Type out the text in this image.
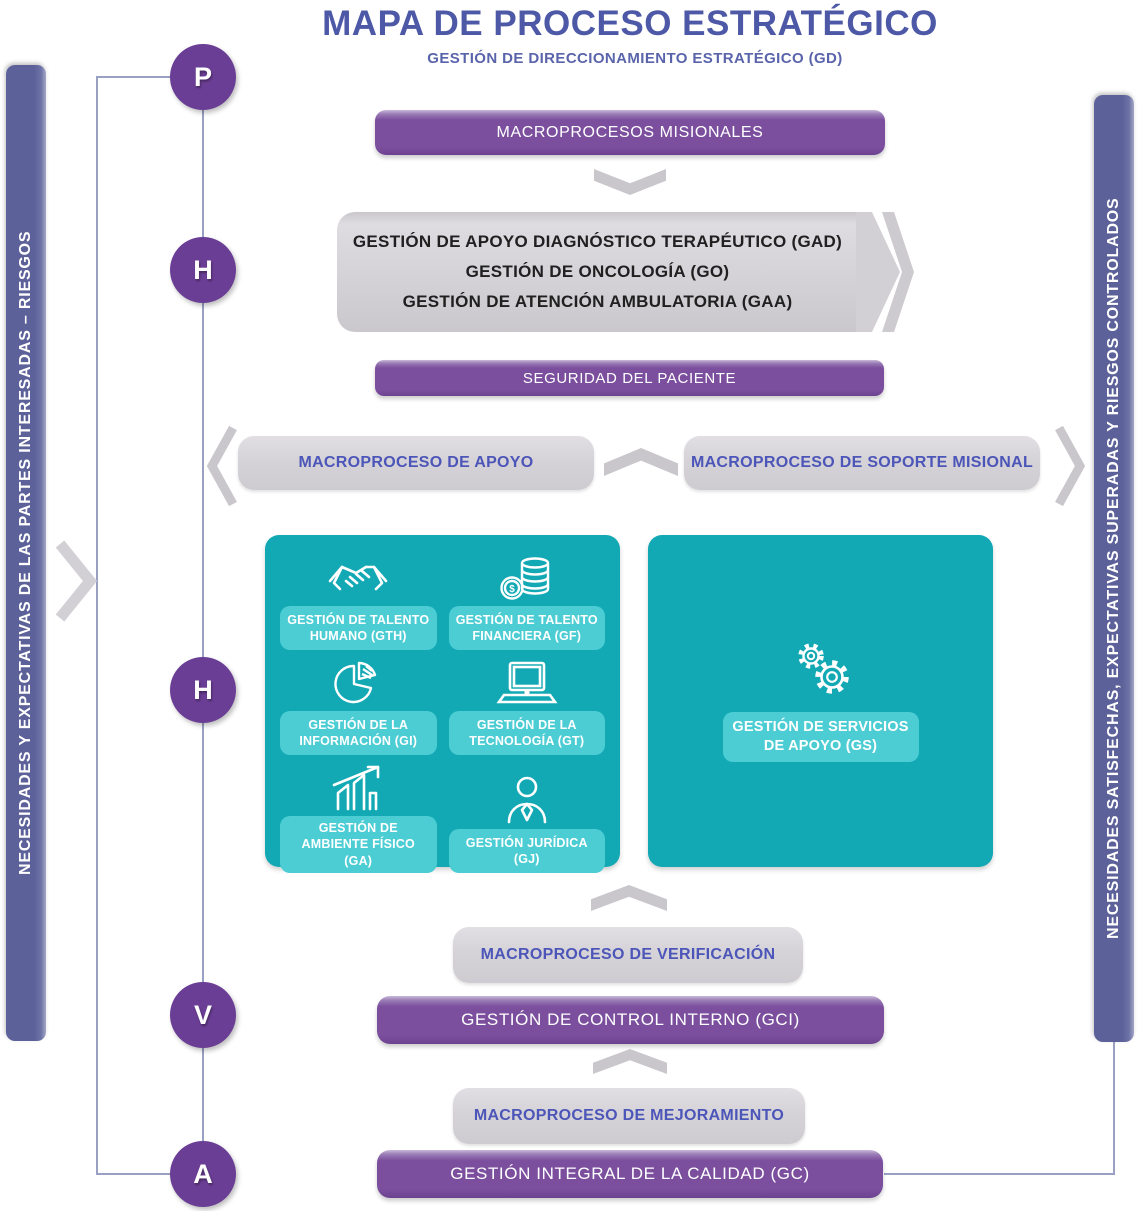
MAPA DE PROCESO ESTRATÉGICO
GESTIÓN DE DIRECCIONAMIENTO ESTRATÉGICO (GD)
NECESIDADES Y EXPECTATIVAS DE LAS PARTES INTERESADAS – RIESGOS	NECESIDADES SATISFECHAS, EXPECTATIVAS SUPERADAS Y RIESGOS CONTROLADOS
P
H
H
V
A
MACROPROCESOS MISIONALES
GESTIÓN DE APOYO DIAGNÓSTICO TERAPÉUTICO (GAD)
GESTIÓN DE ONCOLOGÍA (GO)
GESTIÓN DE ATENCIÓN AMBULATORIA (GAA)
SEGURIDAD DEL PACIENTE
MACROPROCESO DE APOYO	MACROPROCESO DE SOPORTE MISIONAL
GESTIÓN DE TALENTO HUMANO (GTH)
$
GESTIÓN DE TALENTO FINANCIERA (GF)
GESTIÓN DE LA INFORMACIÓN (GI)
GESTIÓN DE LA TECNOLOGÍA (GT)
GESTIÓN DE AMBIENTE FÍSICO (GA)
GESTIÓN JURÍDICA (GJ)
GESTIÓN DE SERVICIOS DE APOYO (GS)
MACROPROCESO DE VERIFICACIÓN
GESTIÓN DE CONTROL INTERNO (GCI)
MACROPROCESO DE MEJORAMIENTO
GESTIÓN INTEGRAL DE LA CALIDAD (GC)
